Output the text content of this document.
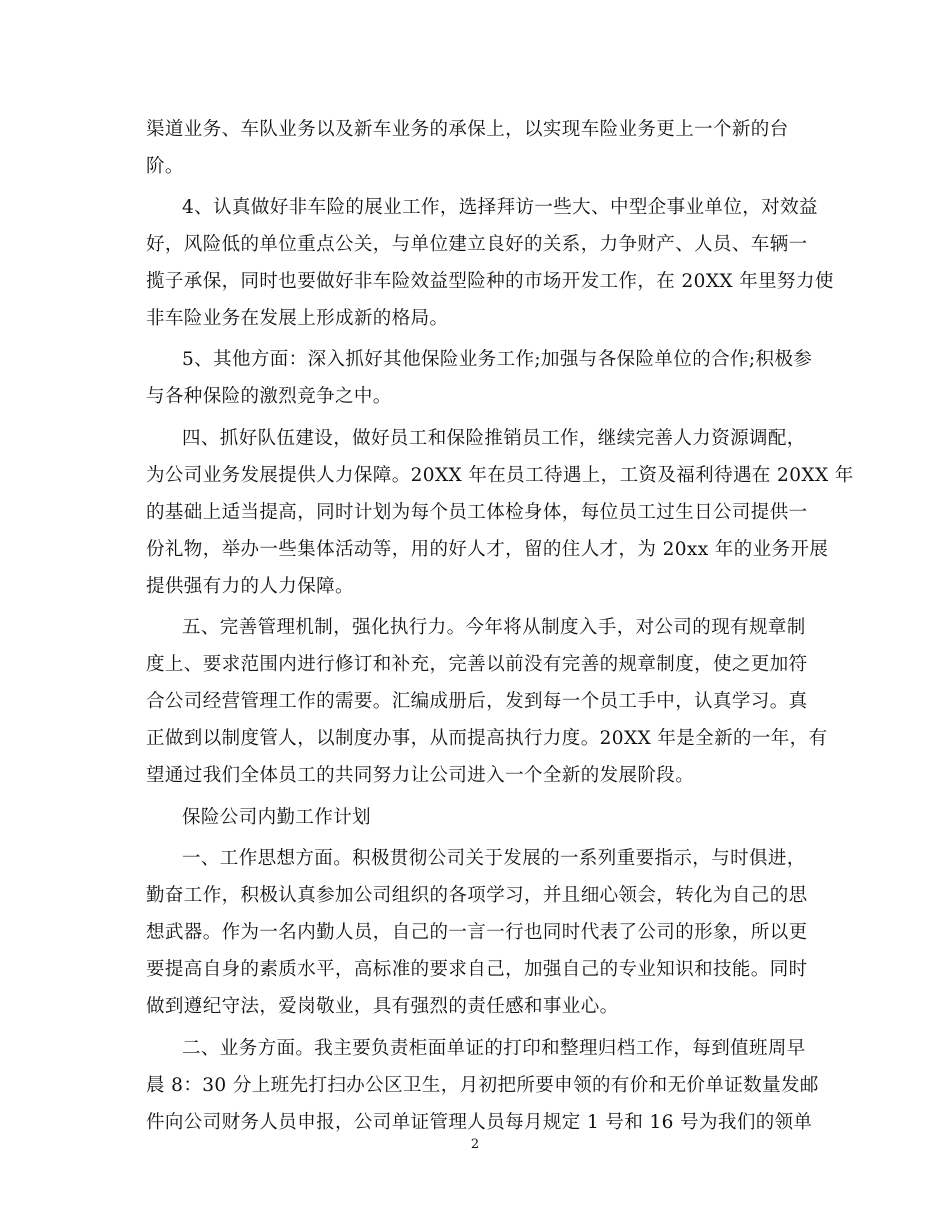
渠道业务、车队业务以及新车业务的承保上，以实现车险业务更上一个新的台
阶。
4、认真做好非车险的展业工作，选择拜访一些大、中型企事业单位，对效益
好，风险低的单位重点公关，与单位建立良好的关系，力争财产、人员、车辆一
揽子承保，同时也要做好非车险效益型险种的市场开发工作，在 20XX 年里努力使
非车险业务在发展上形成新的格局。
5、其他方面：深入抓好其他保险业务工作;加强与各保险单位的合作;积极参
与各种保险的激烈竞争之中。
四、抓好队伍建设，做好员工和保险推销员工作，继续完善人力资源调配，
为公司业务发展提供人力保障。20XX 年在员工待遇上，工资及福利待遇在 20XX 年
的基础上适当提高，同时计划为每个员工体检身体，每位员工过生日公司提供一
份礼物，举办一些集体活动等，用的好人才，留的住人才，为 20xx 年的业务开展
提供强有力的人力保障。
五、完善管理机制，强化执行力。今年将从制度入手，对公司的现有规章制
度上、要求范围内进行修订和补充，完善以前没有完善的规章制度，使之更加符
合公司经营管理工作的需要。汇编成册后，发到每一个员工手中，认真学习。真
正做到以制度管人，以制度办事，从而提高执行力度。20XX 年是全新的一年，有
望通过我们全体员工的共同努力让公司进入一个全新的发展阶段。
保险公司内勤工作计划
一、工作思想方面。积极贯彻公司关于发展的一系列重要指示，与时俱进，
勤奋工作，积极认真参加公司组织的各项学习，并且细心领会，转化为自己的思
想武器。作为一名内勤人员，自己的一言一行也同时代表了公司的形象，所以更
要提高自身的素质水平，高标准的要求自己，加强自己的专业知识和技能。同时
做到遵纪守法，爱岗敬业，具有强烈的责任感和事业心。
二、业务方面。我主要负责柜面单证的打印和整理归档工作，每到值班周早
晨 8：30 分上班先打扫办公区卫生，月初把所要申领的有价和无价单证数量发邮
件向公司财务人员申报，公司单证管理人员每月规定 1 号和 16 号为我们的领单
2
